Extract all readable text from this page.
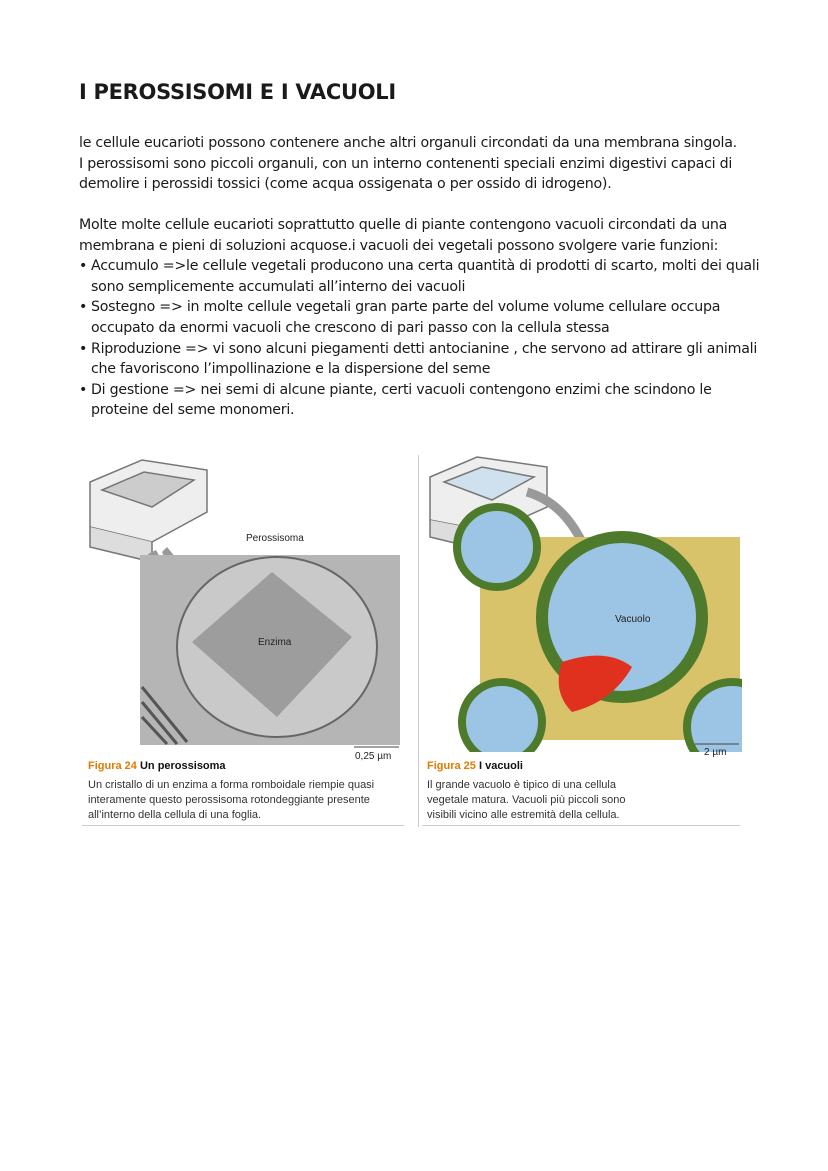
I PEROSSISOMI E I VACUOLI

le cellule eucarioti possono contenere anche altri organuli circondati da una membrana singola.

I perossisomi sono piccoli organuli, con un interno contenenti speciali enzimi digestivi capaci di

demolire i perossidi tossici (come acqua ossigenata o per ossido di idrogeno).

Molte molte cellule eucarioti soprattutto quelle di piante contengono vacuoli circondati da una

membrana e pieni di soluzioni acquose.i vacuoli dei vegetali possono svolgere varie funzioni:

• Accumulo =>le cellule vegetali producono una certa quantità di prodotti di scarto, molti dei quali sono semplicemente accumulati all’interno dei vacuoli
• Sostegno => in molte cellule vegetali gran parte parte del volume volume cellulare occupa occupato da enormi vacuoli che crescono di pari passo con la cellula stessa
• Riproduzione => vi sono alcuni piegamenti detti antocianine , che servono ad attirare gli animali che favoriscono l’impollinazione e la dispersione del seme
• Di gestione => nei semi di alcune piante, certi vacuoli contengono enzimi che scindono le proteine del seme monomeri.
Perossisoma
Enzima
0,25 µm
Figura 24 Un perossisoma
Un cristallo di un enzima a forma romboidale riempie quasi
interamente questo perossisoma rotondeggiante presente
all’interno della cellula di una foglia.
Vacuolo
2 µm
Figura 25 I vacuoli
Il grande vacuolo è tipico di una cellula
vegetale matura. Vacuoli più piccoli sono
visibili vicino alle estremità della cellula.
